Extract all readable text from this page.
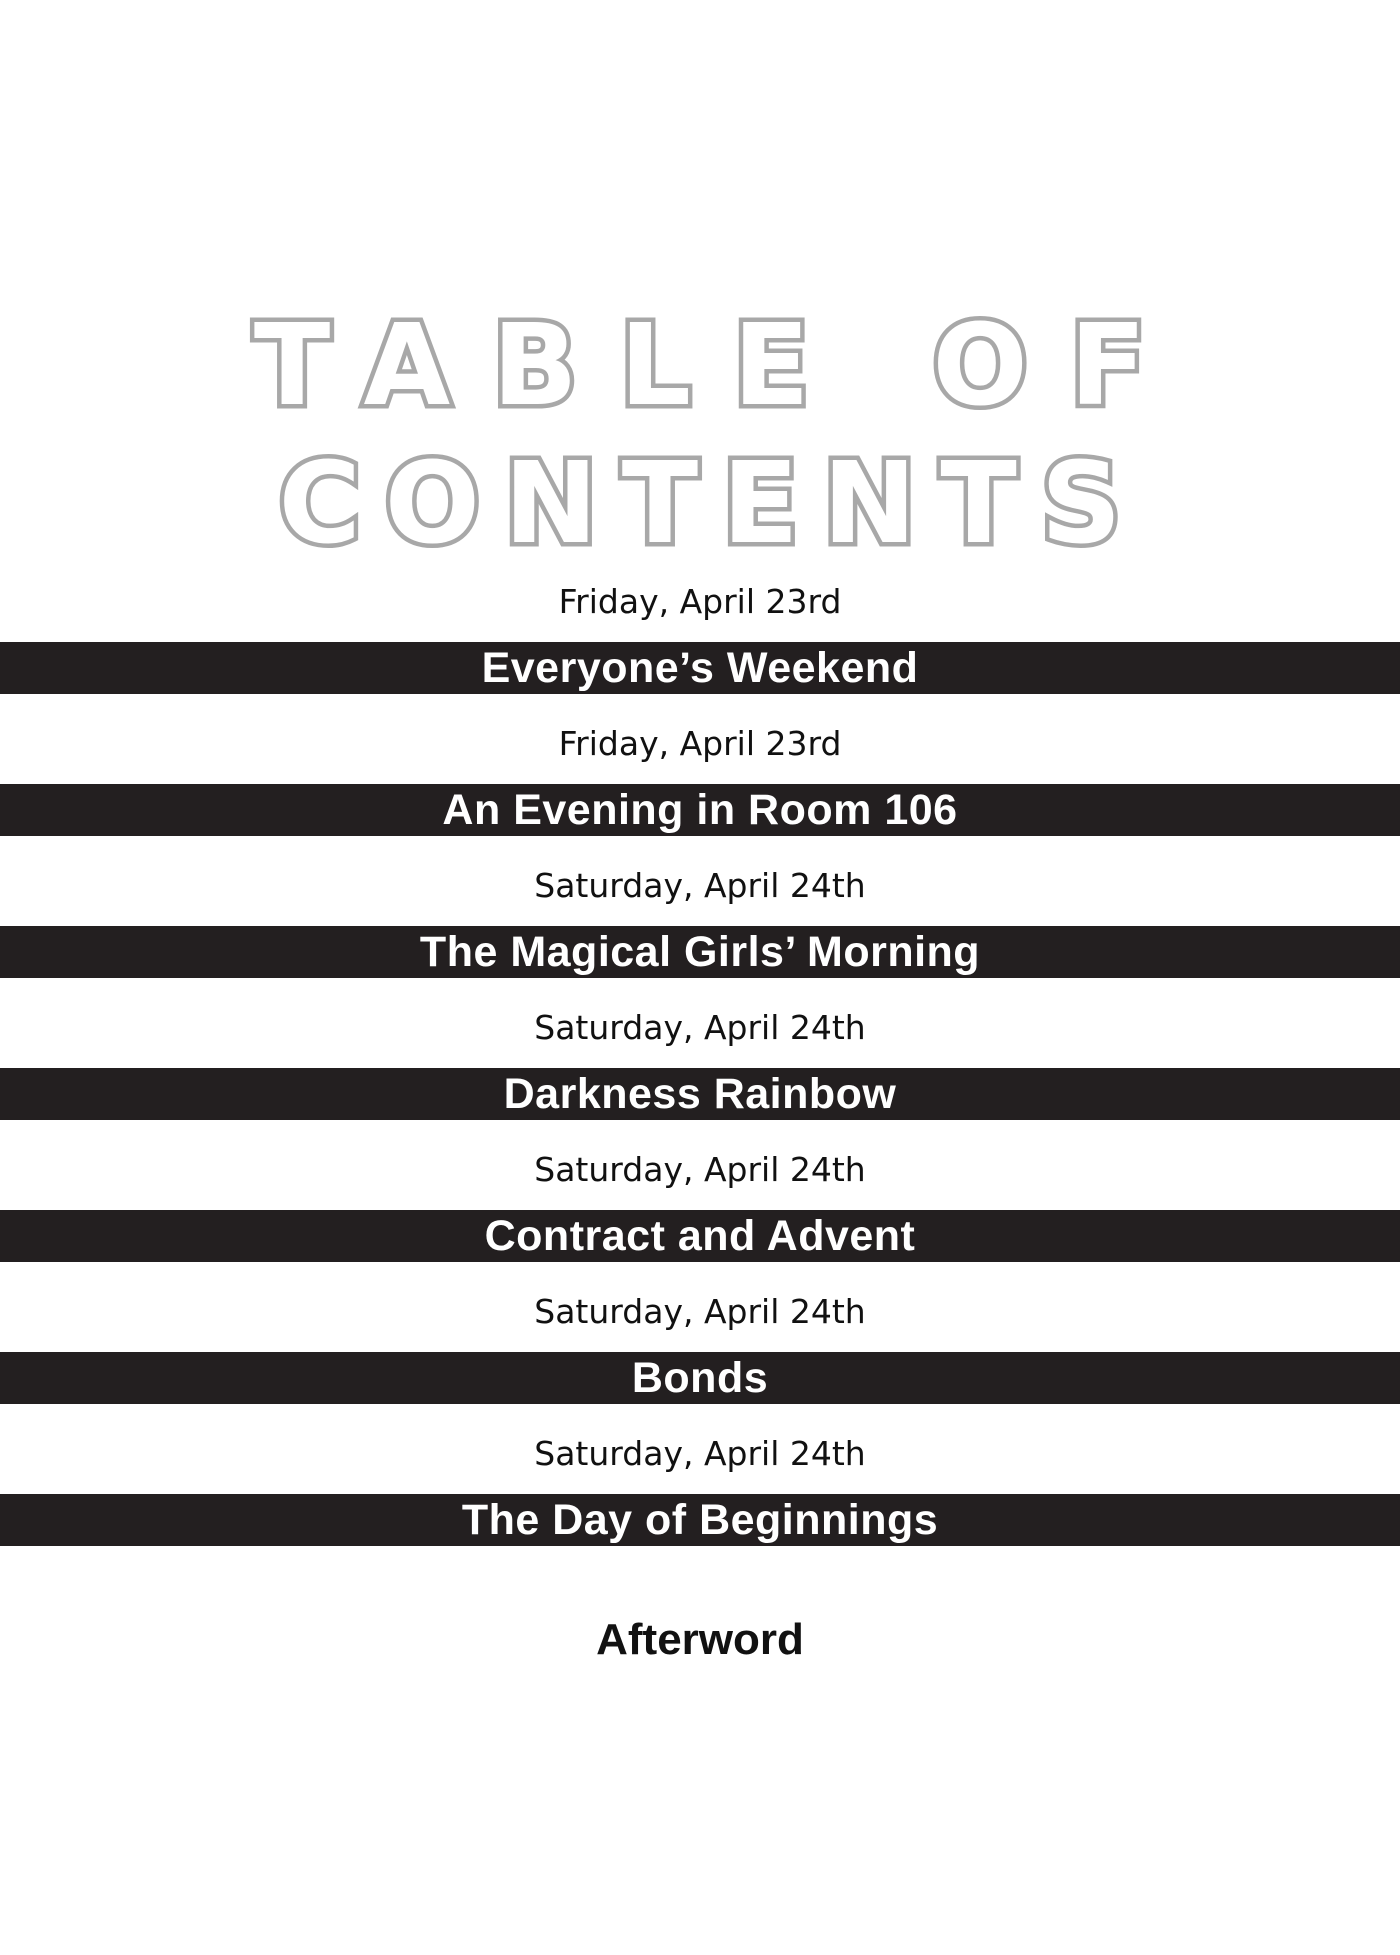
TABLE OF
CONTENTS
Friday, April 23rd
Everyone’s Weekend
Friday, April 23rd
An Evening in Room 106
Saturday, April 24th
The Magical Girls’ Morning
Saturday, April 24th
Darkness Rainbow
Saturday, April 24th
Contract and Advent
Saturday, April 24th
Bonds
Saturday, April 24th
The Day of Beginnings
Afterword
